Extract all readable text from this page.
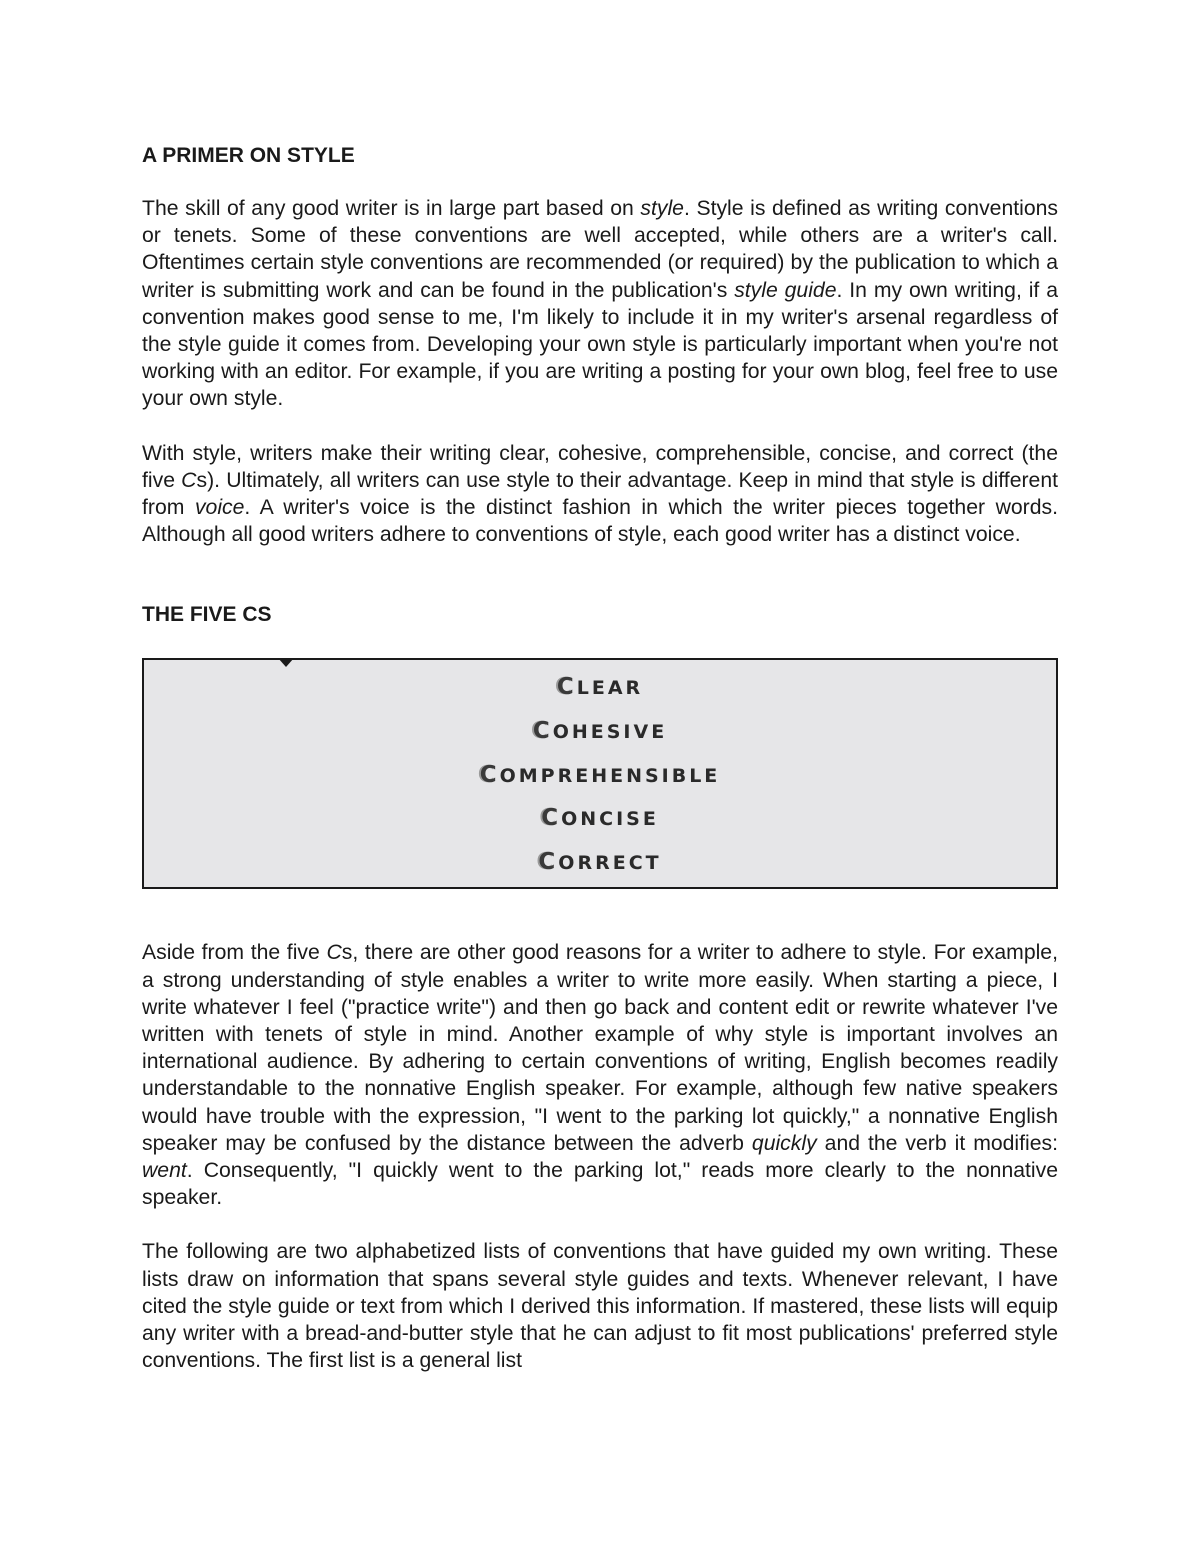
A PRIMER ON STYLE

The skill of any good writer is in large part based on style. Style is defined as writing conventions or tenets. Some of these conventions are well accepted, while others are a writer's call. Oftentimes certain style conventions are recommended (or required) by the publication to which a writer is submitting work and can be found in the publication's style guide. In my own writing, if a convention makes good sense to me, I'm likely to include it in my writer's arsenal regardless of the style guide it comes from. Developing your own style is particularly important when you're not working with an editor. For example, if you are writing a posting for your own blog, feel free to use your own style.

With style, writers make their writing clear, cohesive, comprehensible, concise, and correct (the five Cs). Ultimately, all writers can use style to their advantage. Keep in mind that style is different from voice. A writer's voice is the distinct fashion in which the writer pieces together words. Although all good writers adhere to conventions of style, each good writer has a distinct voice.

THE FIVE CS
CLEAR
COHESIVE
COMPREHENSIBLE
CONCISE
CORRECT

Aside from the five Cs, there are other good reasons for a writer to adhere to style. For example, a strong understanding of style enables a writer to write more easily. When starting a piece, I write whatever I feel ("practice write") and then go back and content edit or rewrite whatever I've written with tenets of style in mind. Another example of why style is important involves an international audience. By adhering to certain conventions of writing, English becomes readily understandable to the nonnative English speaker. For example, although few native speakers would have trouble with the expression, "I went to the parking lot quickly," a nonnative English speaker may be confused by the distance between the adverb quickly and the verb it modifies: went. Consequently, "I quickly went to the parking lot," reads more clearly to the nonnative speaker.

The following are two alphabetized lists of conventions that have guided my own writing. These lists draw on information that spans several style guides and texts. Whenever relevant, I have cited the style guide or text from which I derived this information. If mastered, these lists will equip any writer with a bread-and-butter style that he can adjust to fit most publications' preferred style conventions. The first list is a general list
